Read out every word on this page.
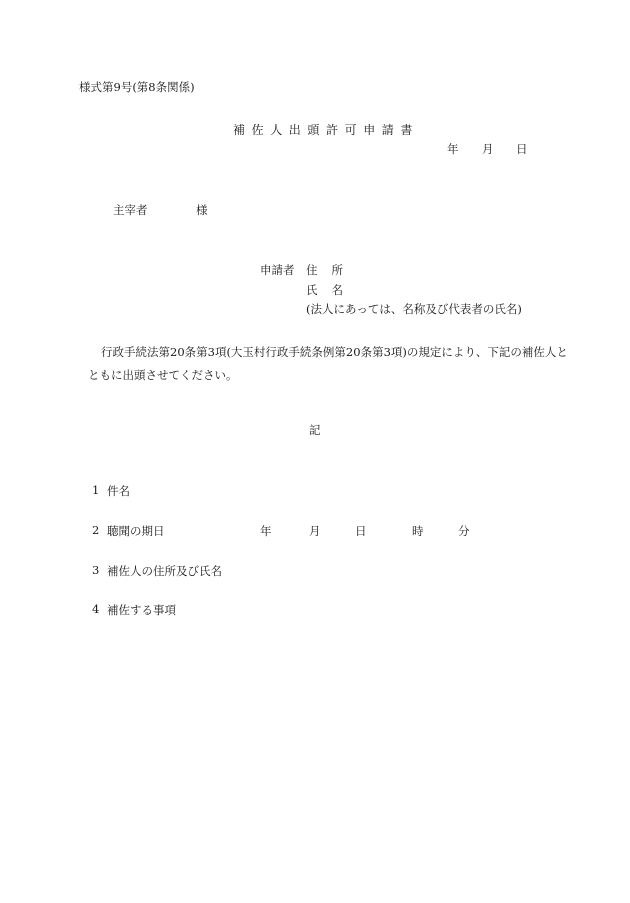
様式第9号(第8条関係)
補佐人出頭許可申請書
年 月 日
主宰者	様
申請者 住 所
氏 名
(法人にあっては、名称及び代表者の氏名)
行政手続法第20条第3項(大玉村行政手続条例第20条第3項)の規定により、下記の補佐人とともに出頭させてください。
記
1 件名
2 聴聞の期日	年	月	日	時	分
3 補佐人の住所及び氏名
4 補佐する事項
